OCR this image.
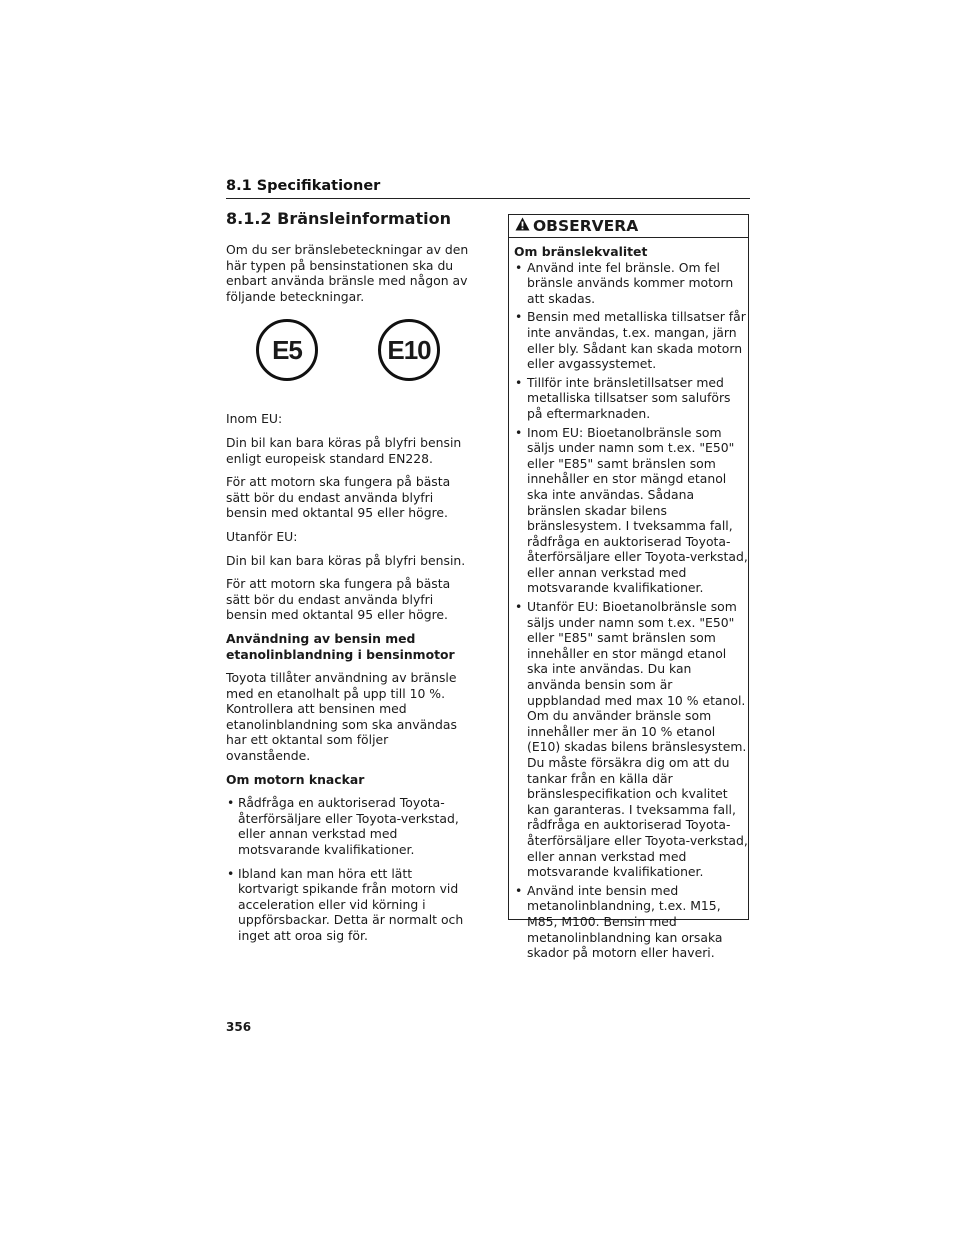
8.1 Specifikationer
8.1.2 Bränsleinformation

Om du ser bränslebeteckningar av den här typen på bensinstationen ska du enbart använda bränsle med någon av följande beteckningar.

E5	E10

Inom EU:

Din bil kan bara köras på blyfri bensin enligt europeisk standard EN228.

För att motorn ska fungera på bästa sätt bör du endast använda blyfri bensin med oktantal 95 eller högre.

Utanför EU:

Din bil kan bara köras på blyfri bensin.

För att motorn ska fungera på bästa sätt bör du endast använda blyfri bensin med oktantal 95 eller högre.

Användning av bensin med etanolinblandning i bensinmotor

Toyota tillåter användning av bränsle med en etanolhalt på upp till 10 %. Kontrollera att bensinen med etanolinblandning som ska användas har ett oktantal som följer ovanstående.

Om motorn knackar

• Rådfråga en auktoriserad Toyota-återförsäljare eller Toyota-verkstad, eller annan verkstad med motsvarande kvalifikationer.
• Ibland kan man höra ett lätt kortvarigt spikande från motorn vid acceleration eller vid körning i uppförsbackar. Detta är normalt och inget att oroa sig för.
OBSERVERA
Om bränslekvalitet
• Använd inte fel bränsle. Om fel bränsle används kommer motorn att skadas.
• Bensin med metalliska tillsatser får inte användas, t.ex. mangan, järn eller bly. Sådant kan skada motorn eller avgassystemet.
• Tillför inte bränsletillsatser med metalliska tillsatser som saluförs på eftermarknaden.
• Inom EU: Bioetanolbränsle som säljs under namn som t.ex. "E50" eller "E85" samt bränslen som innehåller en stor mängd etanol ska inte användas. Sådana bränslen skadar bilens bränslesystem. I tveksamma fall, rådfråga en auktoriserad Toyota-återförsäljare eller Toyota-verkstad, eller annan verkstad med motsvarande kvalifikationer.
• Utanför EU: Bioetanolbränsle som säljs under namn som t.ex. "E50" eller "E85" samt bränslen som innehåller en stor mängd etanol ska inte användas. Du kan använda bensin som är uppblandad med max 10 % etanol. Om du använder bränsle som innehåller mer än 10 % etanol (E10) skadas bilens bränslesystem. Du måste försäkra dig om att du tankar från en källa där bränslespecifikation och kvalitet kan garanteras. I tveksamma fall, rådfråga en auktoriserad Toyota-återförsäljare eller Toyota-verkstad, eller annan verkstad med motsvarande kvalifikationer.
• Använd inte bensin med metanolinblandning, t.ex. M15, M85, M100. Bensin med metanolinblandning kan orsaka skador på motorn eller haveri.
356
